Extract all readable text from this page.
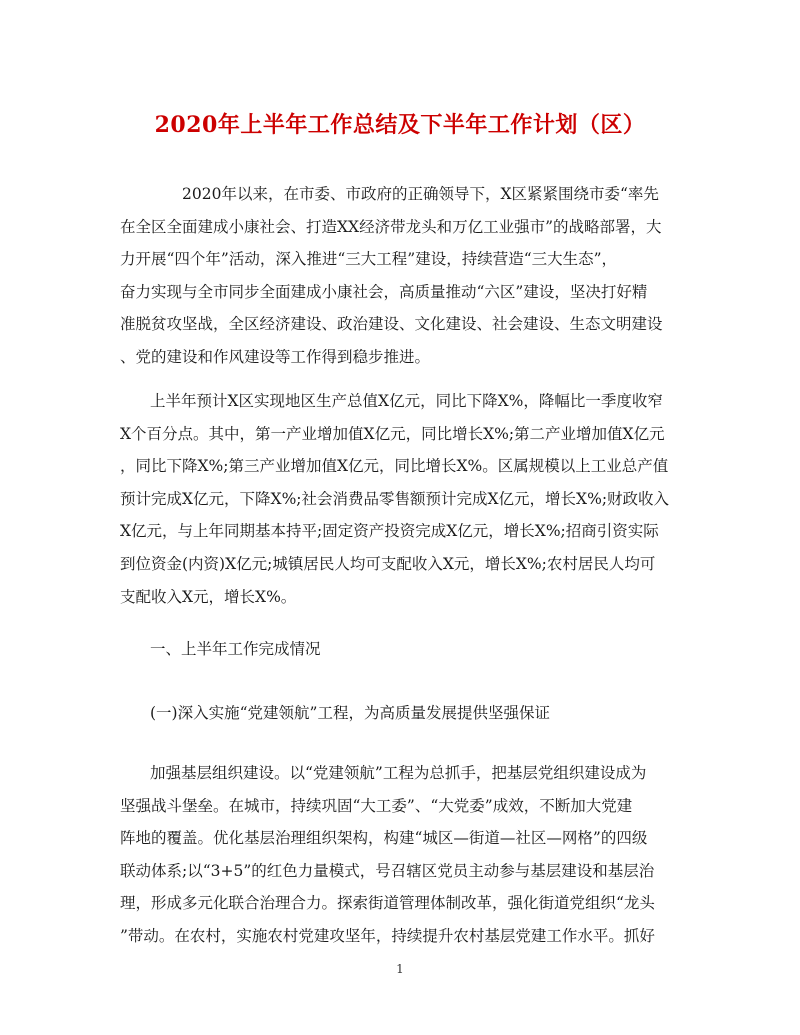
2020年上半年工作总结及下半年工作计划（区）
2020年以来，在市委、市政府的正确领导下，X区紧紧围绕市委“率先
在全区全面建成小康社会、打造XX经济带龙头和万亿工业强市”的战略部署，大
力开展“四个年”活动，深入推进“三大工程”建设，持续营造“三大生态”，
奋力实现与全市同步全面建成小康社会，高质量推动“六区”建设，坚决打好精
准脱贫攻坚战，全区经济建设、政治建设、文化建设、社会建设、生态文明建设
、党的建设和作风建设等工作得到稳步推进。
上半年预计X区实现地区生产总值X亿元，同比下降X%，降幅比一季度收窄
X个百分点。其中，第一产业增加值X亿元，同比增长X%;第二产业增加值X亿元
，同比下降X%;第三产业增加值X亿元，同比增长X%。区属规模以上工业总产值
预计完成X亿元，下降X%;社会消费品零售额预计完成X亿元，增长X%;财政收入
X亿元，与上年同期基本持平;固定资产投资完成X亿元，增长X%;招商引资实际
到位资金(内资)X亿元;城镇居民人均可支配收入X元，增长X%;农村居民人均可
支配收入X元，增长X%。
一、上半年工作完成情况
(一)深入实施“党建领航”工程，为高质量发展提供坚强保证
加强基层组织建设。以“党建领航”工程为总抓手，把基层党组织建设成为
坚强战斗堡垒。在城市，持续巩固“大工委”、“大党委”成效，不断加大党建
阵地的覆盖。优化基层治理组织架构，构建“城区—街道—社区—网格”的四级
联动体系;以“3+5”的红色力量模式，号召辖区党员主动参与基层建设和基层治
理，形成多元化联合治理合力。探索街道管理体制改革，强化街道党组织“龙头
”带动。在农村，实施农村党建攻坚年，持续提升农村基层党建工作水平。抓好
1
